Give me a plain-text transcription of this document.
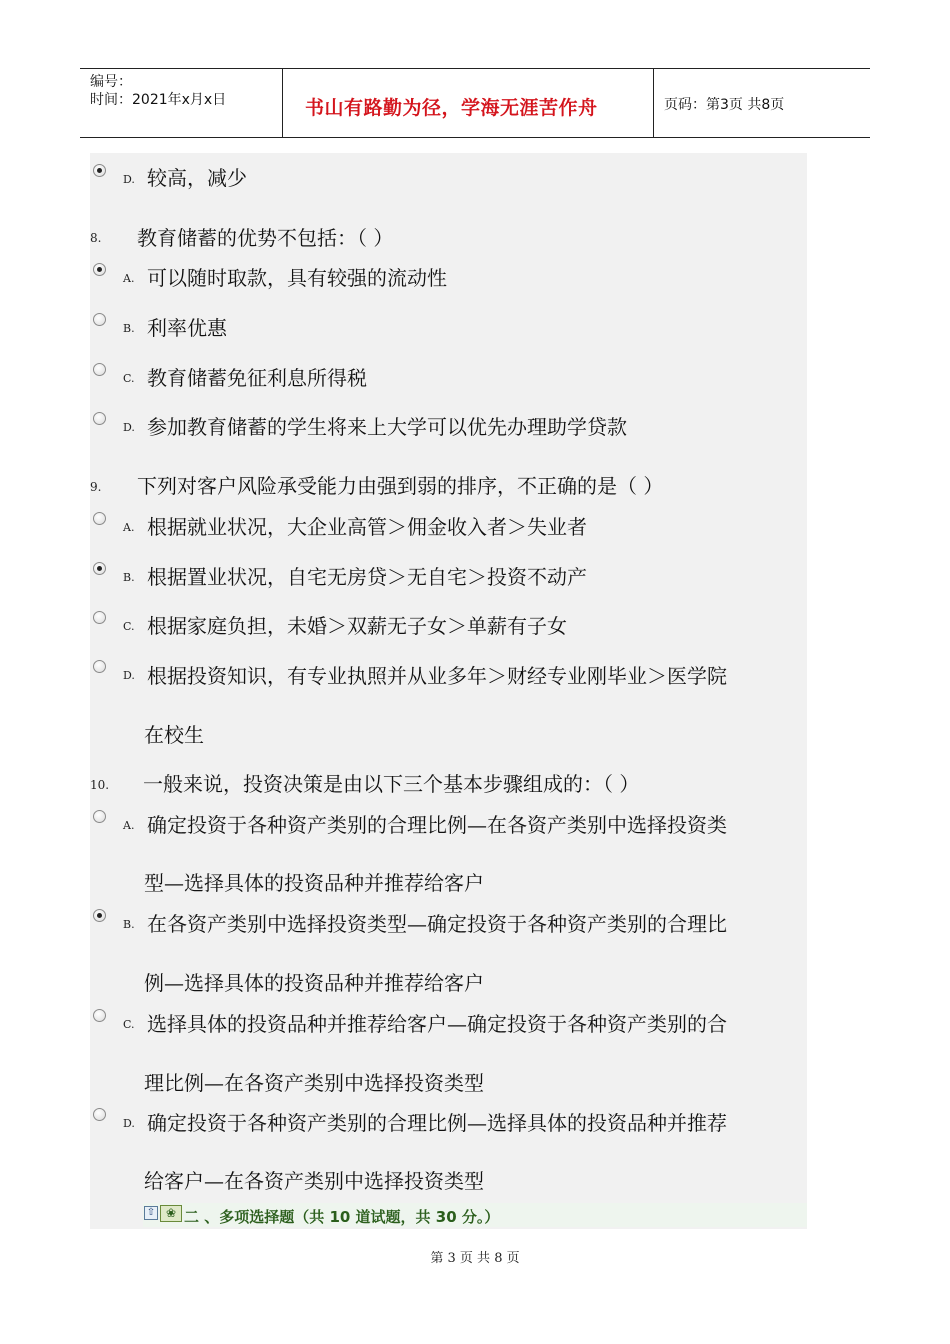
编号：
时间：2021年x月x日	书山有路勤为径，学海无涯苦作舟	页码：第3页 共8页
D. 较高，减少
8. 教育储蓄的优势不包括：（ ）
A. 可以随时取款，具有较强的流动性
B. 利率优惠
C. 教育储蓄免征利息所得税
D. 参加教育储蓄的学生将来上大学可以优先办理助学贷款
9. 下列对客户风险承受能力由强到弱的排序，不正确的是（ ）
A. 根据就业状况，大企业高管＞佣金收入者＞失业者
B. 根据置业状况，自宅无房贷＞无自宅＞投资不动产
C. 根据家庭负担，未婚＞双薪无子女＞单薪有子女
D. 根据投资知识，有专业执照并从业多年＞财经专业刚毕业＞医学院
在校生
10. 一般来说，投资决策是由以下三个基本步骤组成的：（ ）
A. 确定投资于各种资产类别的合理比例—在各资产类别中选择投资类
型—选择具体的投资品种并推荐给客户
B. 在各资产类别中选择投资类型—确定投资于各种资产类别的合理比
例—选择具体的投资品种并推荐给客户
C. 选择具体的投资品种并推荐给客户—确定投资于各种资产类别的合
理比例—在各资产类别中选择投资类型
D. 确定投资于各种资产类别的合理比例—选择具体的投资品种并推荐
给客户—在各资产类别中选择投资类型
⇧ ❀ 二 、多项选择题（共 10 道试题，共 30 分。）
第 3 页 共 8 页
